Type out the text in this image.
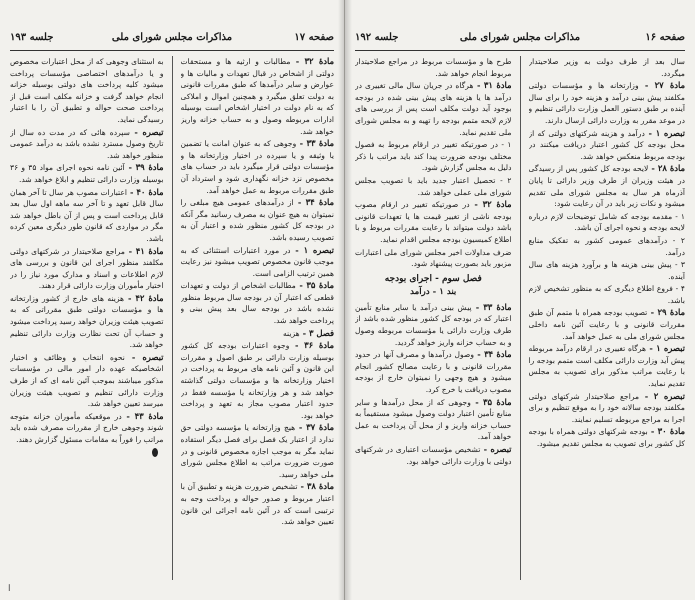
صفحه ۱۷
مذاکرات مجلس شورای ملی
جلسه ۱۹۳

مادهٔ ۳۲ - مطالبات و ارثیه ها و مستحقات دولتی از اشخاص در قبال تعهدات و مالیات ها و عوارض و سایر درآمدها که طبق مقررات قانونی به دولت تعلق میگیرد و همچنین اموال و املاکی که به نام دولت در اختیار اشخاص است بوسیله ادارات مربوطه وصول و به حساب خزانه واریز خواهد شد.

مادهٔ ۳۳ - وجوهی که به عنوان امانت یا تضمین یا وثیقه و یا سپرده در اختیار وزارتخانه ها و مؤسسات دولتی قرار میگیرد باید در حساب های مخصوص نزد خزانه نگهداری شود و استرداد آن طبق مقررات مربوط به عمل خواهد آمد.

مادهٔ ۳۴ - از درآمدهای عمومی هیچ مبلغی را نمیتوان به هیچ عنوان به مصرف رسانید مگر آنکه در بودجه کل کشور منظور شده و اعتبار آن به تصویب رسیده باشد.

تبصره ۱ - در مورد اعتبارات استثنائی که به موجب قانون مخصوص تصویب میشود نیز رعایت همین ترتیب الزامی است.

مادهٔ ۳۵ - مطالبات اشخاص از دولت و تعهدات قطعی که اعتبار آن در بودجه سال مربوط منظور نشده باشد در بودجه سال بعد پیش بینی و پرداخت خواهد شد.

فصل ۳ - هزینه

مادهٔ ۳۶ - وجوه اعتبارات بودجه کل کشور بوسیله وزارت دارائی بر طبق اصول و مقررات این قانون و آئین نامه های مربوط به پرداخت در اختیار وزارتخانه ها و مؤسسات دولتی گذاشته خواهد شد و هر وزارتخانه یا مؤسسه فقط در حدود اعتبار مصوب مجاز به تعهد و پرداخت خواهد بود.

مادهٔ ۳۷ - هیچ وزارتخانه یا مؤسسه دولتی حق ندارد از اعتبار یک فصل برای فصل دیگر استفاده نماید مگر به موجب اجازه مخصوص قانونی و در صورت ضرورت مراتب به اطلاع مجلس شورای ملی خواهد رسید.

مادهٔ ۳۸ - تشخیص ضرورت هزینه و تطبیق آن با اعتبار مربوط و صدور حواله و پرداخت وجه به ترتیبی است که در آئین نامه اجرائی این قانون تعیین خواهد شد.

به استثنای وجوهی که از محل اعتبارات مخصوص و یا درآمدهای اختصاصی مؤسسات پرداخت میشود کلیه پرداخت های دولتی بوسیله خزانه انجام خواهد گرفت و خزانه مکلف است قبل از پرداخت صحت حواله و تطبیق آن را با اعتبار رسیدگی نماید.

تبصره - سپرده هائی که در مدت ده سال از تاریخ وصول مسترد نشده باشد به درآمد عمومی منظور خواهد شد.

مادهٔ ۳۹ - آئین نامه نحوه اجرای مواد ۳۵ و ۳۶ بوسیله وزارت دارائی تنظیم و ابلاغ خواهد شد.

مادهٔ ۴۰ - اعتبارات مصوب هر سال تا آخر همان سال قابل تعهد و تا آخر سه ماهه اول سال بعد قابل پرداخت است و پس از آن باطل خواهد شد مگر در مواردی که قانون طور دیگری معین کرده باشد.

مادهٔ ۴۱ - مراجع صلاحیتدار در شرکتهای دولتی مکلفند منظور اجرای این قانون و بررسی های لازم اطلاعات و اسناد و مدارک مورد نیاز را در اختیار مأموران وزارت دارائی قرار دهند.

مادهٔ ۴۲ - هزینه های خارج از کشور وزارتخانه ها و مؤسسات دولتی طبق مقرراتی که به تصویب هیئت وزیران خواهد رسید پرداخت میشود و حساب آن تحت نظارت وزارت دارائی تنظیم خواهد شد.

تبصره - نحوه انتخاب و وظائف و اختیار اشخاصیکه عهده دار امور مالی در مؤسسات مذکور میباشند بموجب آئین نامه ای که از طرف وزارت دارائی تنظیم و تصویب هیئت وزیران میرسد تعیین خواهد شد.

مادهٔ ۴۳ - در موقعیکه مأموران خزانه متوجه شوند وجوهی خارج از مقررات مصرف شده باید مراتب را فوراً به مقامات مسئول گزارش دهند.

ا
صفحه ۱۶
مذاکرات مجلس شورای ملی
جلسه ۱۹۲

سال بعد از طرف دولت به وزیر صلاحیتدار میگردد.

مادهٔ ۲۷ - وزارتخانه ها و مؤسسات دولتی مکلفند پیش بینی درآمد و هزینه خود را برای سال آینده بر طبق دستور العمل وزارت دارائی تنظیم و در موعد مقرر به وزارت دارائی ارسال دارند.

تبصره ۱ - درآمد و هزینه شرکتهای دولتی که از محل بودجه کل کشور اعتبار دریافت میکنند در بودجه مربوط منعکس خواهد شد.

مادهٔ ۲۸ - لایحه بودجه کل کشور پس از رسیدگی در هیئت وزیران از طرف وزیر دارائی تا پایان آذرماه هر سال به مجلس شورای ملی تقدیم میشود و نکات زیر باید در آن رعایت شود:

۱ - مقدمه بودجه که شامل توضیحات لازم درباره لایحه بودجه و نحوه اجرای آن باشد.

۲ - درآمدهای عمومی کشور به تفکیک منابع درآمد.

۳ - پیش بینی هزینه ها و برآورد هزینه های سال آینده.

۴ - فروع اطلاع دیگری که به منظور تشخیص لازم باشد.

مادهٔ ۲۹ - تصویب بودجه همراه با متمم آن طبق مقررات قانونی و با رعایت آئین نامه داخلی مجلس شورای ملی به عمل خواهد آمد.

تبصره ۱ - هرگاه تغییری در ارقام درآمد مربوطه پیش آید وزارت دارائی مکلف است متمم بودجه را با رعایت مراتب مذکور برای تصویب به مجلس تقدیم نماید.

تبصره ۲ - مراجع صلاحیتدار شرکتهای دولتی مکلفند بودجه سالانه خود را به موقع تنظیم و برای اجرا به مراجع مربوطه تسلیم نمایند.

مادهٔ ۳۰ - بودجه شرکتهای دولتی همراه با بودجه کل کشور برای تصویب به مجلس تقدیم میشود.

طرح ها و مؤسسات مربوط در مراجع صلاحیتدار مربوط انجام خواهد شد.

مادهٔ ۳۱ - هرگاه در جریان سال مالی تغییری در درآمد ها یا هزینه های پیش بینی شده در بودجه بوجود آید دولت مکلف است پس از بررسی های لازم لایحه متمم بودجه را تهیه و به مجلس شورای ملی تقدیم نماید.

۱ - در صورتیکه تغییر در ارقام مربوط به فصول مختلف بودجه ضرورت پیدا کند باید مراتب با ذکر دلیل به مجلس گزارش شود.

۲ - تحصیل اعتبار جدید باید با تصویب مجلس شورای ملی عملی خواهد شد.

مادهٔ ۳۲ - در صورتیکه تغییر در ارقام مصوب بودجه ناشی از تغییر قیمت ها یا تعهدات قانونی باشد دولت میتواند با رعایت مقررات مربوط و با اطلاع کمیسیون بودجه مجلس اقدام نماید.

ضرف مداولات اخیر مجلس شورای ملی اعتبارات مزبور باید بصورت پیشنهاد شود.

فصل سوم - اجرای بودجه
بند ۱ - درآمد

مادهٔ ۳۳ - پیش بینی درآمد یا سایر منابع تأمین اعتبار که در بودجه کل کشور منظور شده باشد از طرف وزارت دارائی یا مؤسسات مربوطه وصول و به حساب خزانه واریز خواهد گردید.

مادهٔ ۳۴ - وصول درآمدها و مصرف آنها در حدود مقررات قانونی و با رعایت مصالح کشور انجام میشود و هیچ وجهی را نمیتوان خارج از بودجه مصوب دریافت یا خرج کرد.

مادهٔ ۳۵ - وجوهی که از محل درآمدها و سایر منابع تأمین اعتبار دولت وصول میشود مستقیماً به حساب خزانه واریز و از محل آن پرداخت به عمل خواهد آمد.

تبصره - تشخیص مؤسسات اعتباری در شرکتهای دولتی با وزارت دارائی خواهد بود.
